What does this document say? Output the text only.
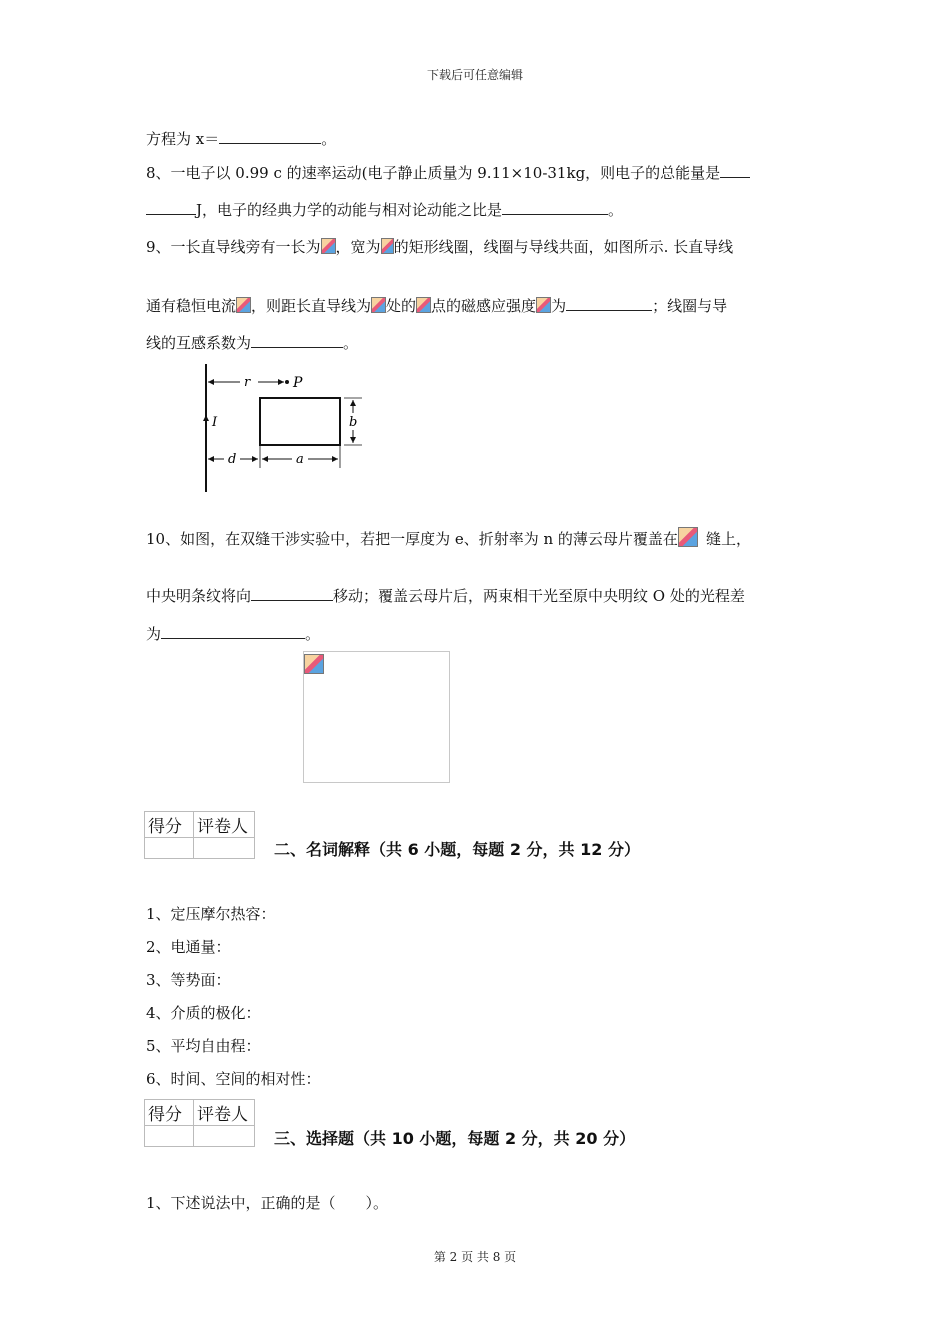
下载后可任意编辑
方程为 x＝	。
8、一电子以 0.99 c 的速率运动(电子静止质量为 9.11×10-31kg，则电子的总能量是
J，电子的经典力学的动能与相对论动能之比是	。
9、一长直导线旁有一长为 ，宽为 的矩形线圈，线圈与导线共面，如图所示. 长直导线
通有稳恒电流 ，则距长直导线为 处的 点的磁感应强度 为	；线圈与导
线的互感系数为	。
I
r	P
b
d	a
10、如图，在双缝干涉实验中，若把一厚度为 e、折射率为 n 的薄云母片覆盖在 缝上，
中央明条纹将向	移动；覆盖云母片后，两束相干光至原中央明纹 O 处的光程差
为	。
得分	评卷人

二、名词解释（共 6 小题，每题 2 分，共 12 分）
1、定压摩尔热容：
2、电通量：
3、等势面：
4、介质的极化：
5、平均自由程：
6、时间、空间的相对性：
得分	评卷人

三、选择题（共 10 小题，每题 2 分，共 20 分）
1、下述说法中，正确的是（　　）。
第 2 页 共 8 页
